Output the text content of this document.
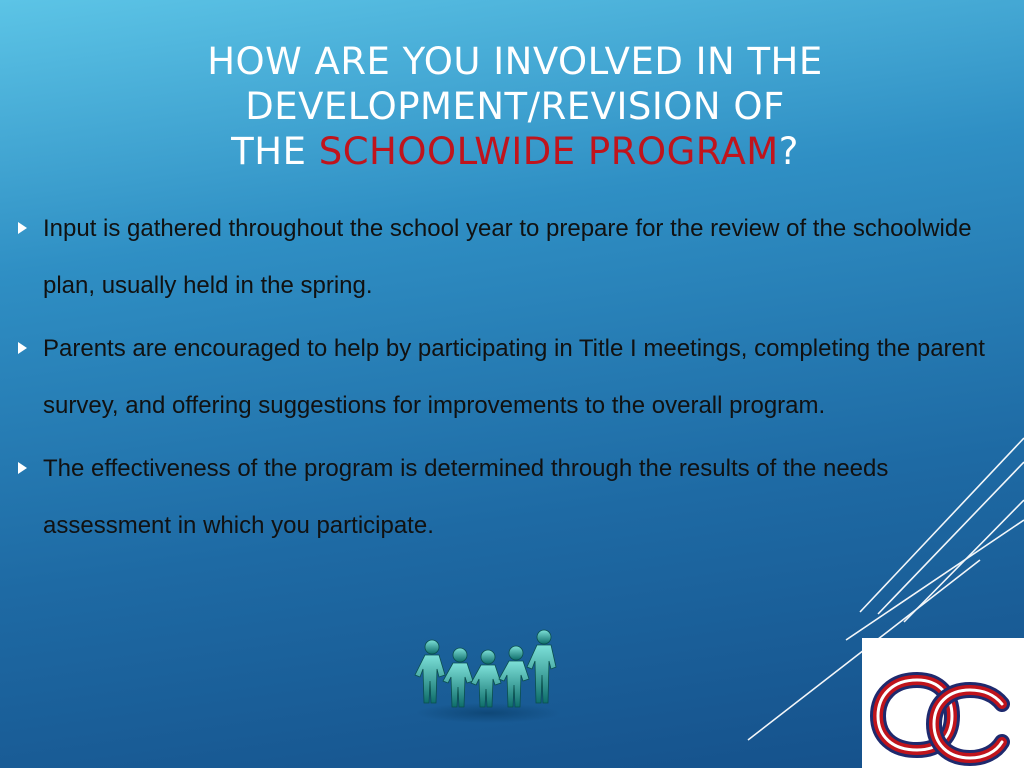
HOW ARE YOU INVOLVED IN THE
DEVELOPMENT/REVISION OF
THE SCHOOLWIDE PROGRAM?
Input is gathered throughout the school year to prepare for the review of the schoolwide plan, usually held in the spring.
Parents are encouraged to help by participating in Title I meetings, completing the parent survey, and offering suggestions for improvements to the overall program.
The effectiveness of the program is determined through the results of the needs assessment in which you participate.
